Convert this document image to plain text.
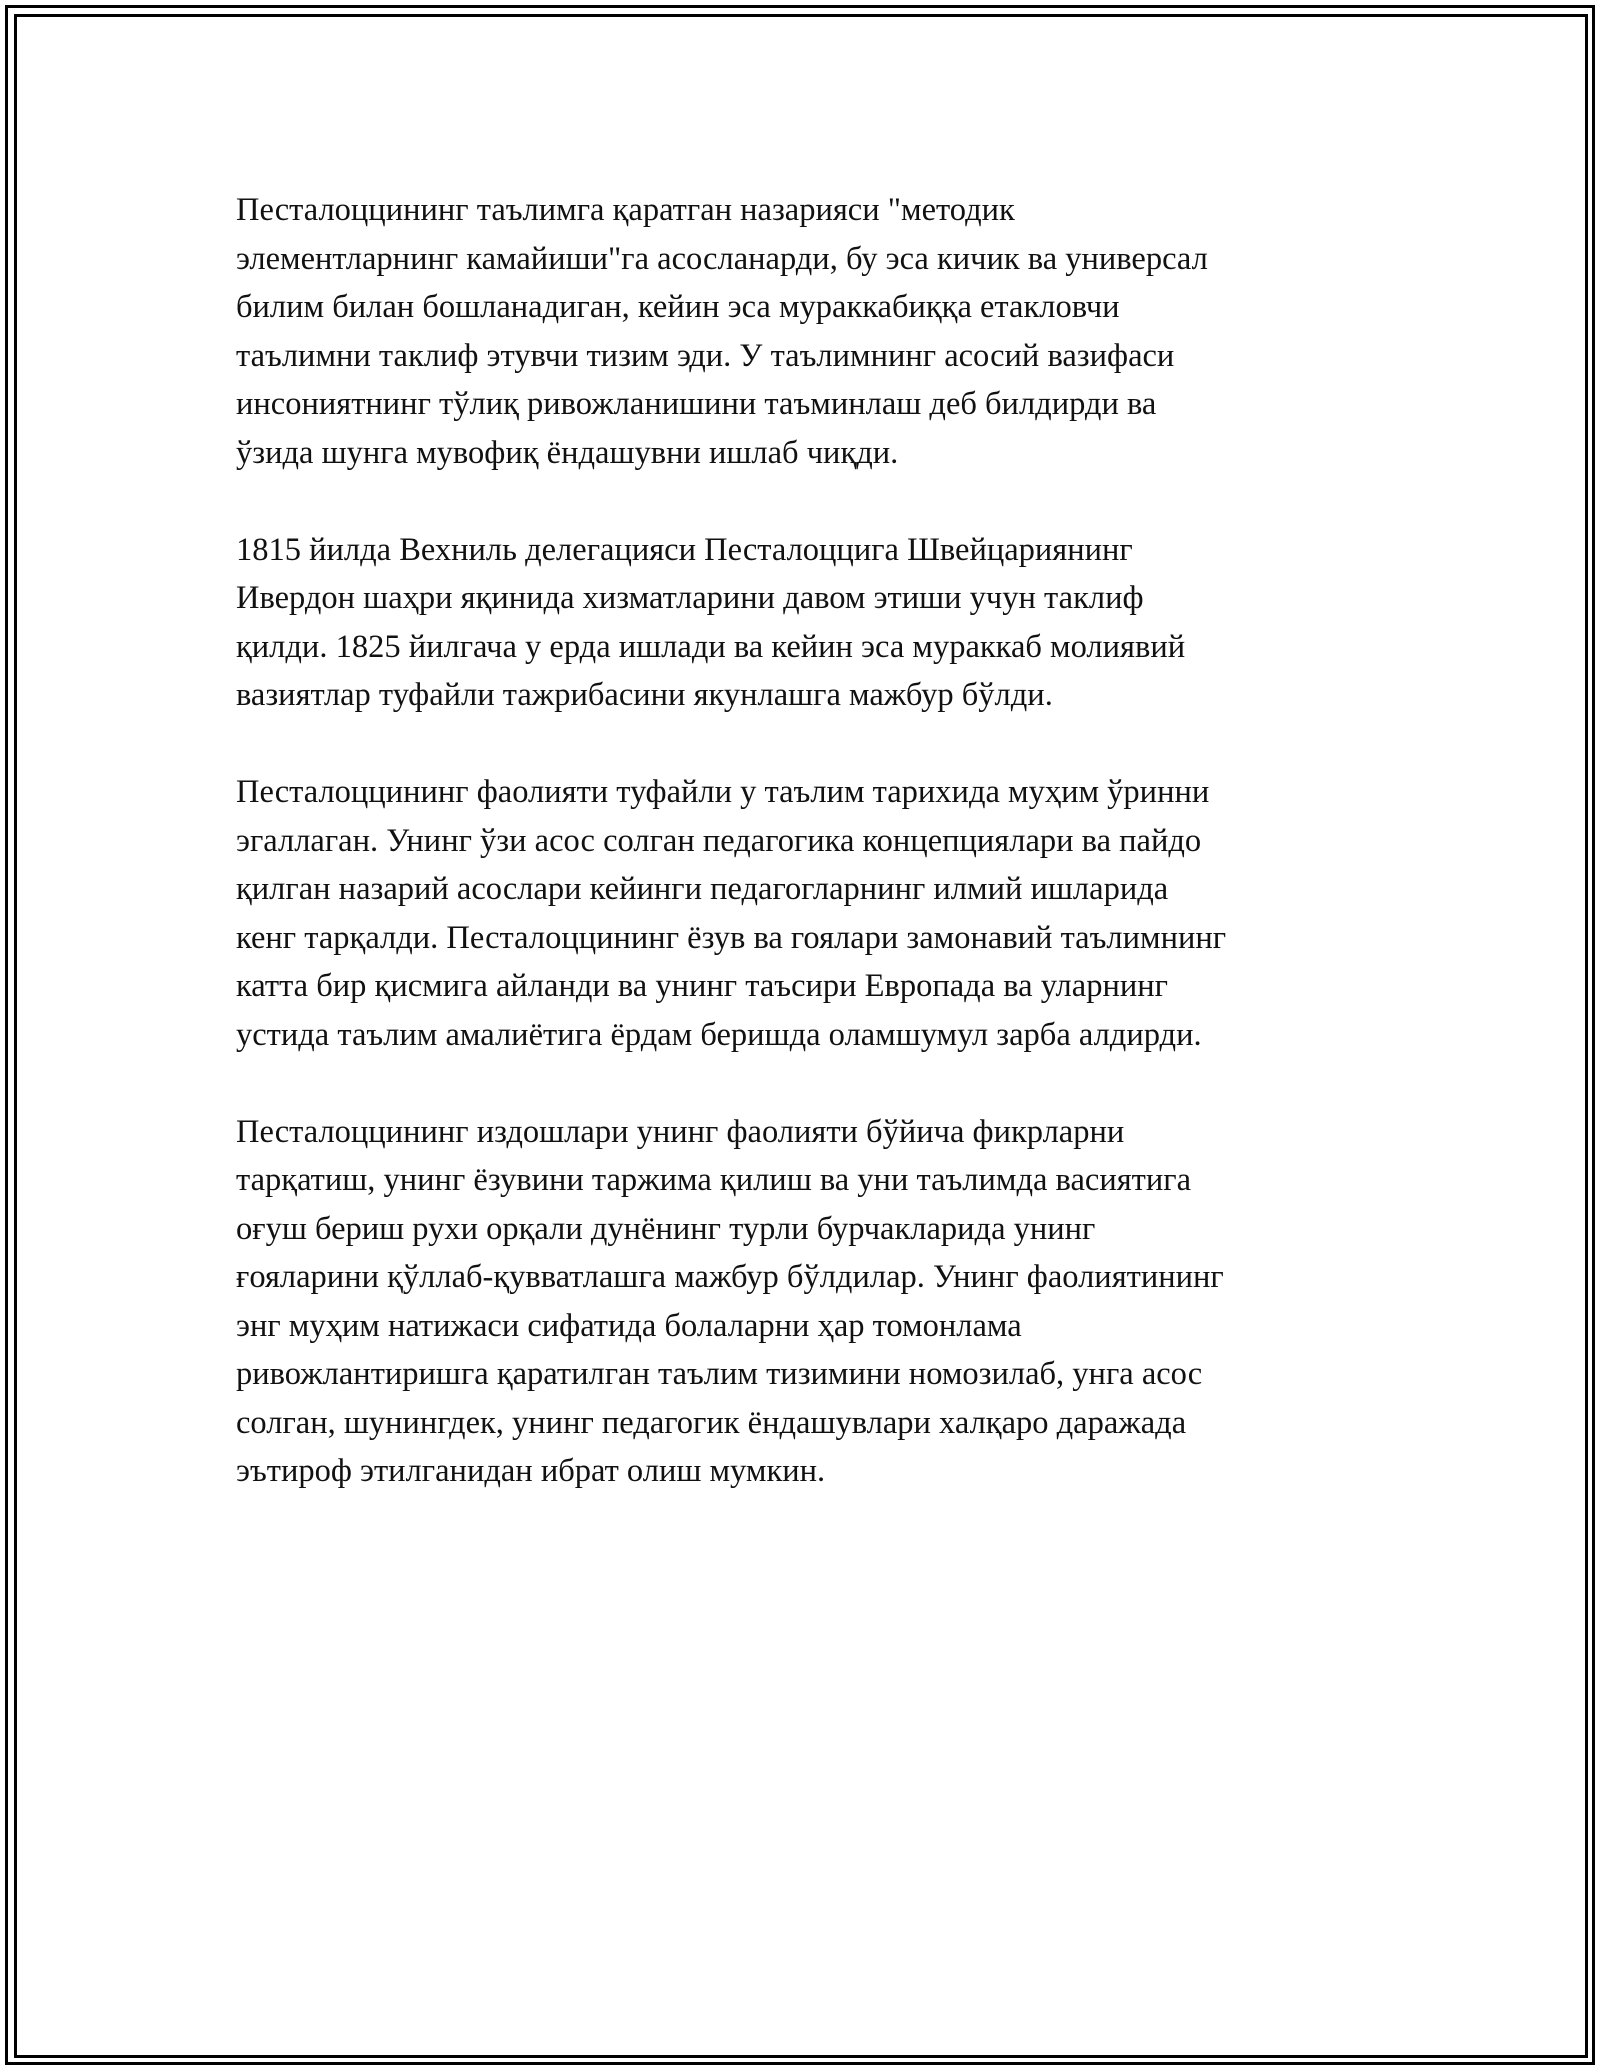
Песталоццининг таълимга қаратган назарияси "методик
элементларнинг камайиши"га асосланарди, бу эса кичик ва универсал
билим билан бошланадиган, кейин эса мураккабиққа етакловчи
таълимни таклиф этувчи тизим эди. У таълимнинг асосий вазифаси
инсониятнинг тўлиқ ривожланишини таъминлаш деб билдирди ва
ўзида шунга мувофиқ ёндашувни ишлаб чиқди.
1815 йилда Вехниль делегацияси Песталоццига Швейцариянинг
Ивердон шаҳри яқинида хизматларини давом этиши учун таклиф
қилди. 1825 йилгача у ерда ишлади ва кейин эса мураккаб молиявий
вазиятлар туфайли тажрибасини якунлашга мажбур бўлди.
Песталоццининг фаолияти туфайли у таълим тарихида муҳим ўринни
эгаллаган. Унинг ўзи асос солган педагогика концепциялари ва пайдо
қилган назарий асослари кейинги педагогларнинг илмий ишларида
кенг тарқалди. Песталоццининг ёзув ва гоялари замонавий таълимнинг
катта бир қисмига айланди ва унинг таъсири Европада ва уларнинг
устида таълим амалиётига ёрдам беришда оламшумул зарба алдирди.
Песталоццининг издошлари унинг фаолияти бўйича фикрларни
тарқатиш, унинг ёзувини таржима қилиш ва уни таълимда васиятига
оғуш бериш рухи орқали дунёнинг турли бурчакларида унинг
ғояларини қўллаб-қувватлашга мажбур бўлдилар. Унинг фаолиятининг
энг муҳим натижаси сифатида болаларни ҳар томонлама
ривожлантиришга қаратилган таълим тизимини номозилаб, унга асос
солган, шунингдек, унинг педагогик ёндашувлари халқаро даражада
эътироф этилганидан ибрат олиш мумкин.
